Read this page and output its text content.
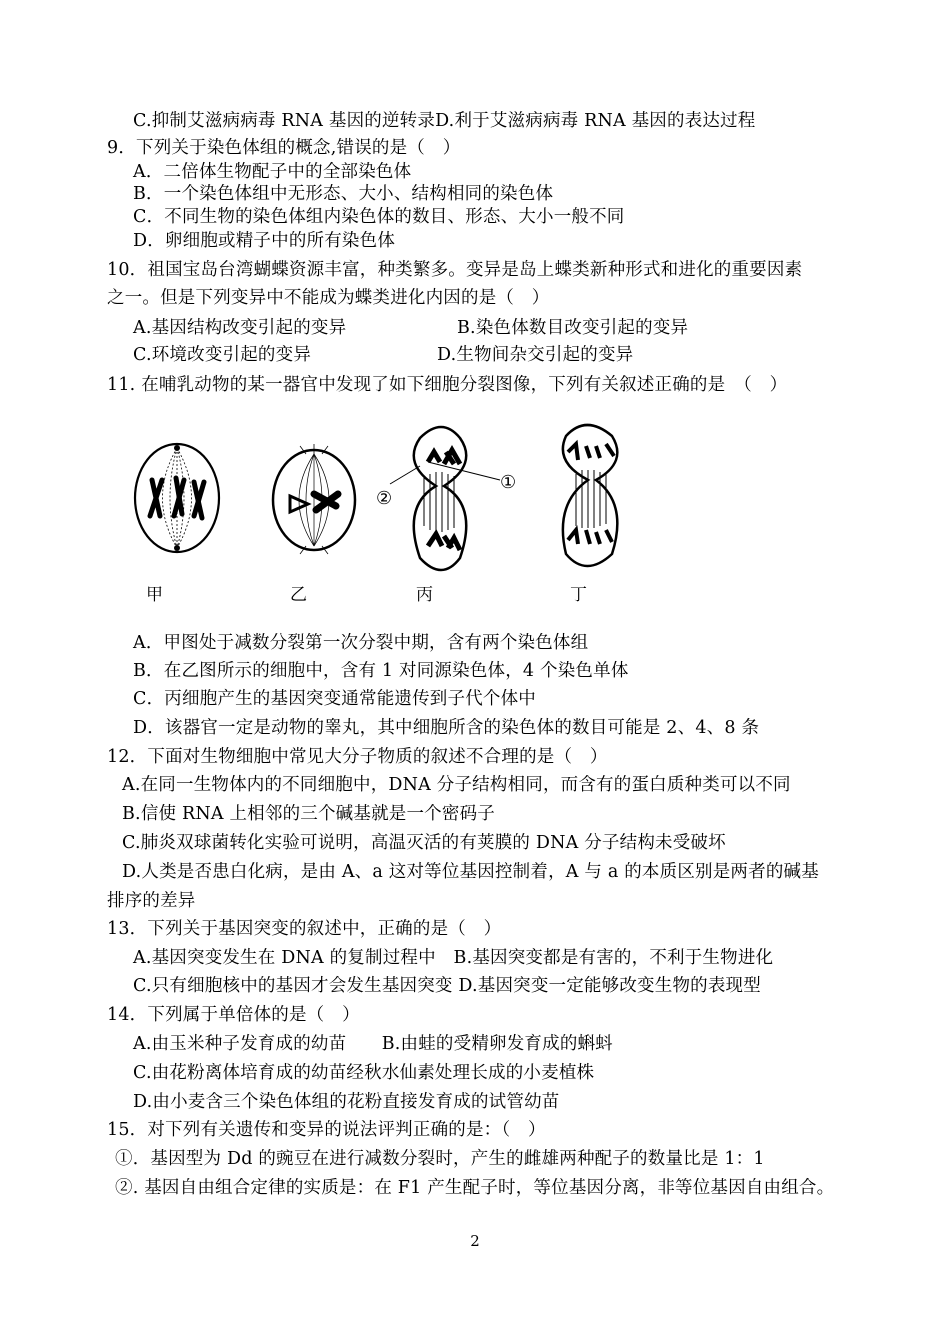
C.抑制艾滋病病毒 RNA 基因的逆转录D.利于艾滋病病毒 RNA 基因的表达过程
9．下列关于染色体组的概念,错误的是（　）
A．二倍体生物配子中的全部染色体
B．一个染色体组中无形态、大小、结构相同的染色体
C．不同生物的染色体组内染色体的数目、形态、大小一般不同
D．卵细胞或精子中的所有染色体
10．祖国宝岛台湾蝴蝶资源丰富，种类繁多。变异是岛上蝶类新种形式和进化的重要因素
之一。但是下列变异中不能成为蝶类进化内因的是（　）
A.基因结构改变引起的变异	B.染色体数目改变引起的变异
C.环境改变引起的变异	D.生物间杂交引起的变异
11. 在哺乳动物的某一器官中发现了如下细胞分裂图像，下列有关叙述正确的是　（　）
①
②
甲	乙	丙	丁
A．甲图处于减数分裂第一次分裂中期，含有两个染色体组
B．在乙图所示的细胞中，含有 1 对同源染色体，4 个染色单体
C．丙细胞产生的基因突变通常能遗传到子代个体中
D．该器官一定是动物的睾丸，其中细胞所含的染色体的数目可能是 2、4、8 条
12．下面对生物细胞中常见大分子物质的叙述不合理的是（　）
A.在同一生物体内的不同细胞中，DNA 分子结构相同，而含有的蛋白质种类可以不同
B.信使 RNA 上相邻的三个碱基就是一个密码子
C.肺炎双球菌转化实验可说明，高温灭活的有荚膜的 DNA 分子结构未受破坏
D.人类是否患白化病，是由 A、a 这对等位基因控制着，A 与 a 的本质区别是两者的碱基
排序的差异
13．下列关于基因突变的叙述中，正确的是（　）
A.基因突变发生在 DNA 的复制过程中　B.基因突变都是有害的，不利于生物进化
C.只有细胞核中的基因才会发生基因突变 D.基因突变一定能够改变生物的表现型
14．下列属于单倍体的是（　）
A.由玉米种子发育成的幼苗　　B.由蛙的受精卵发育成的蝌蚪
C.由花粉离体培育成的幼苗经秋水仙素处理长成的小麦植株
D.由小麦含三个染色体组的花粉直接发育成的试管幼苗
15．对下列有关遗传和变异的说法评判正确的是：（　）
①．基因型为 Dd 的豌豆在进行减数分裂时，产生的雌雄两种配子的数量比是 1：1
②. 基因自由组合定律的实质是：在 F1 产生配子时，等位基因分离，非等位基因自由组合。
2
